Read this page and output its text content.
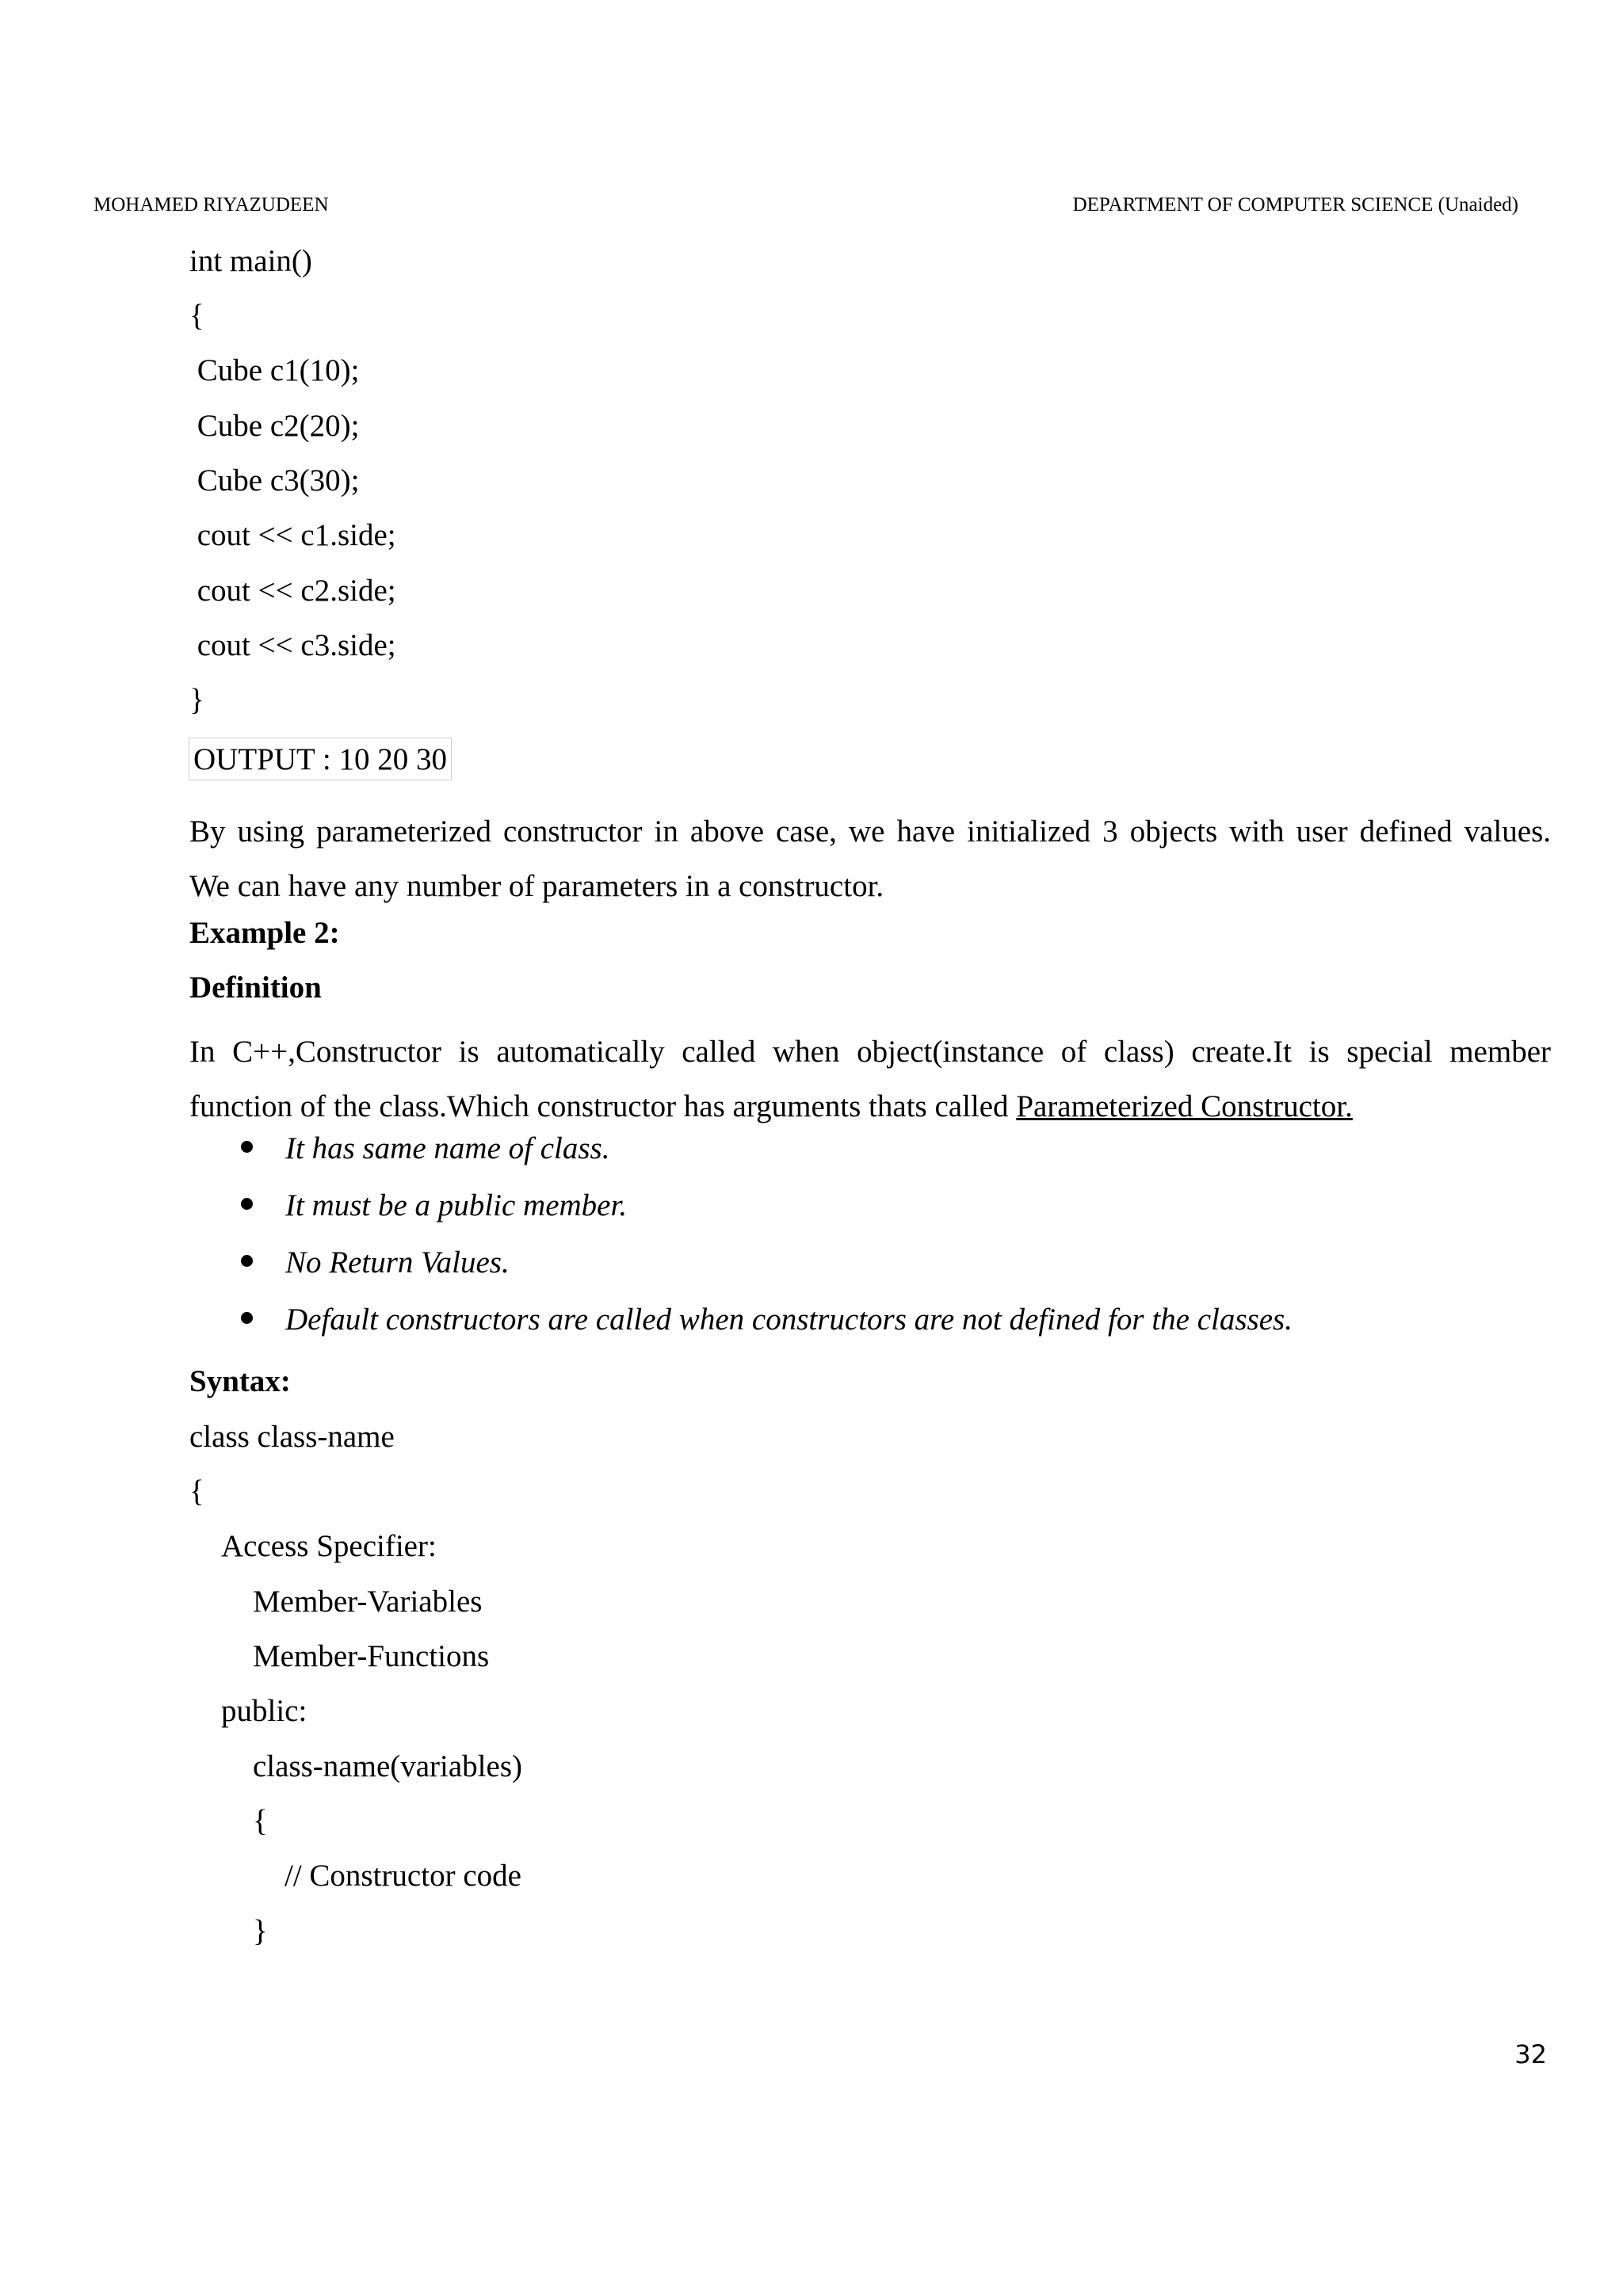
MOHAMED RIYAZUDEEN	DEPARTMENT OF COMPUTER SCIENCE (Unaided)
int main()
{
Cube c1(10);
Cube c2(20);
Cube c3(30);
cout << c1.side;
cout << c2.side;
cout << c3.side;
}
OUTPUT : 10 20 30
By using parameterized constructor in above case, we have initialized 3 objects with user defined values.
We can have any number of parameters in a constructor.
Example 2:
Definition
In C++,Constructor is automatically called when object(instance of class) create.It is special member
function of the class.Which constructor has arguments thats called Parameterized Constructor.
It has same name of class.
It must be a public member.
No Return Values.
Default constructors are called when constructors are not defined for the classes.
Syntax:
class class-name
{
Access Specifier:
Member-Variables
Member-Functions
public:
class-name(variables)
{
// Constructor code
}
32
